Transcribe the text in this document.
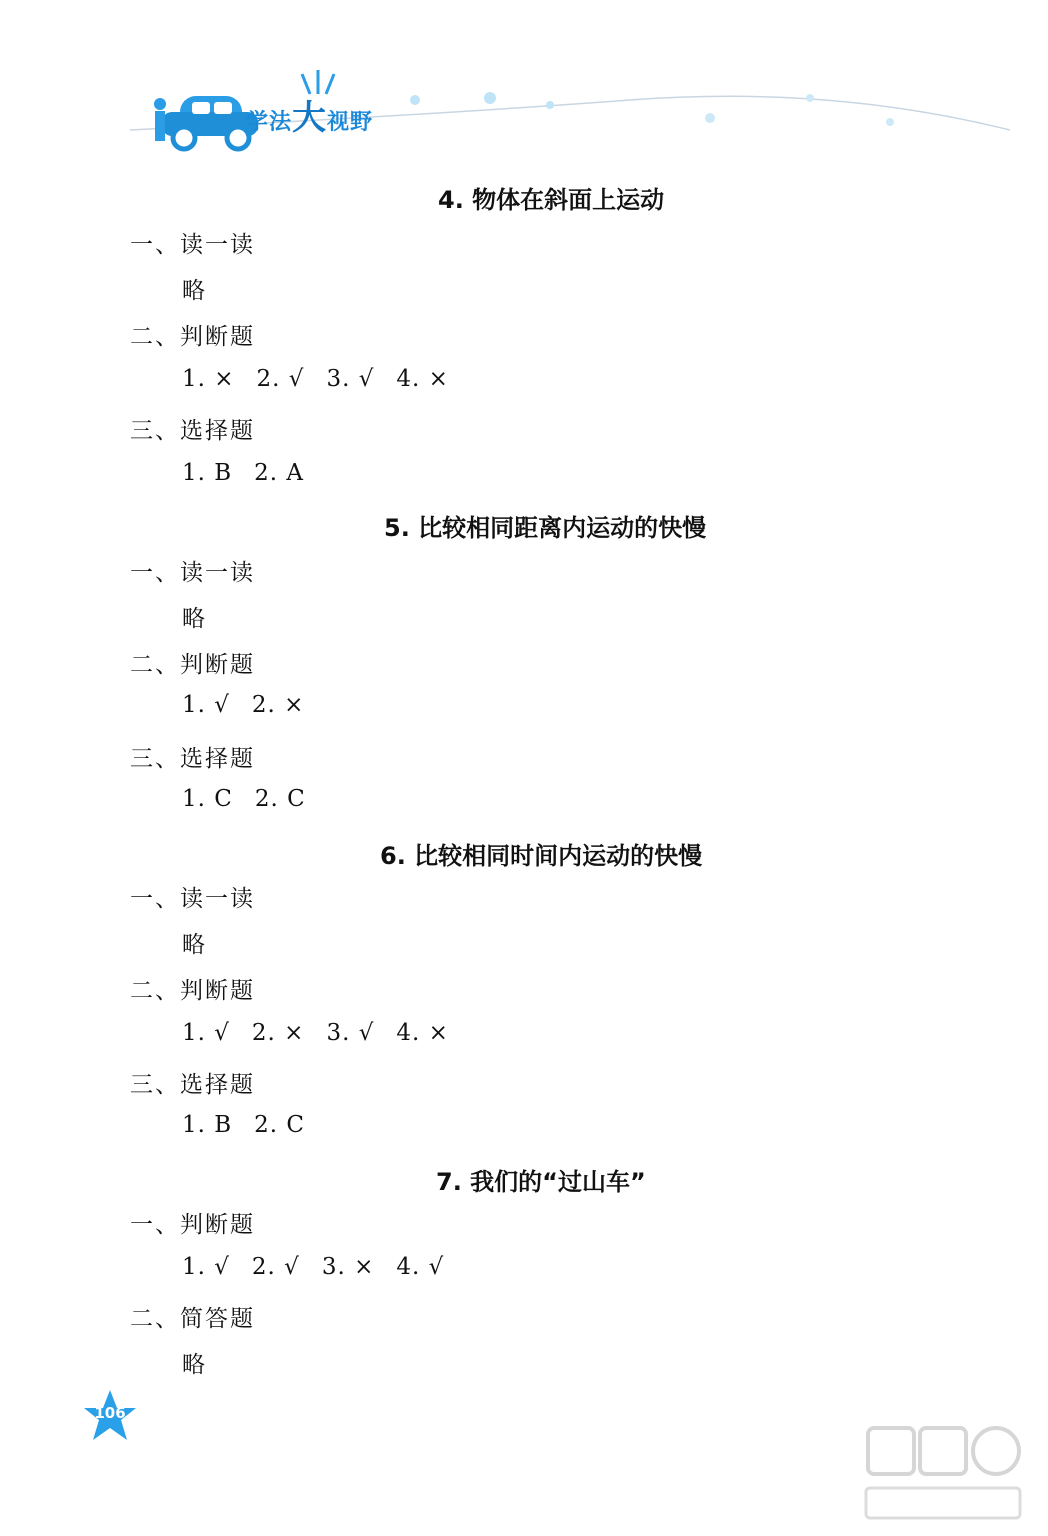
学法大视野
4. 物体在斜面上运动
一、读一读
略
二、判断题
1. × 2. √ 3. √ 4. ×
三、选择题
1. B 2. A
5. 比较相同距离内运动的快慢
一、读一读
略
二、判断题
1. √ 2. ×
三、选择题
1. C 2. C
6. 比较相同时间内运动的快慢
一、读一读
略
二、判断题
1. √ 2. × 3. √ 4. ×
三、选择题
1. B 2. C
7. 我们的“过山车”
一、判断题
1. √ 2. √ 3. × 4. √
二、简答题
略
106
